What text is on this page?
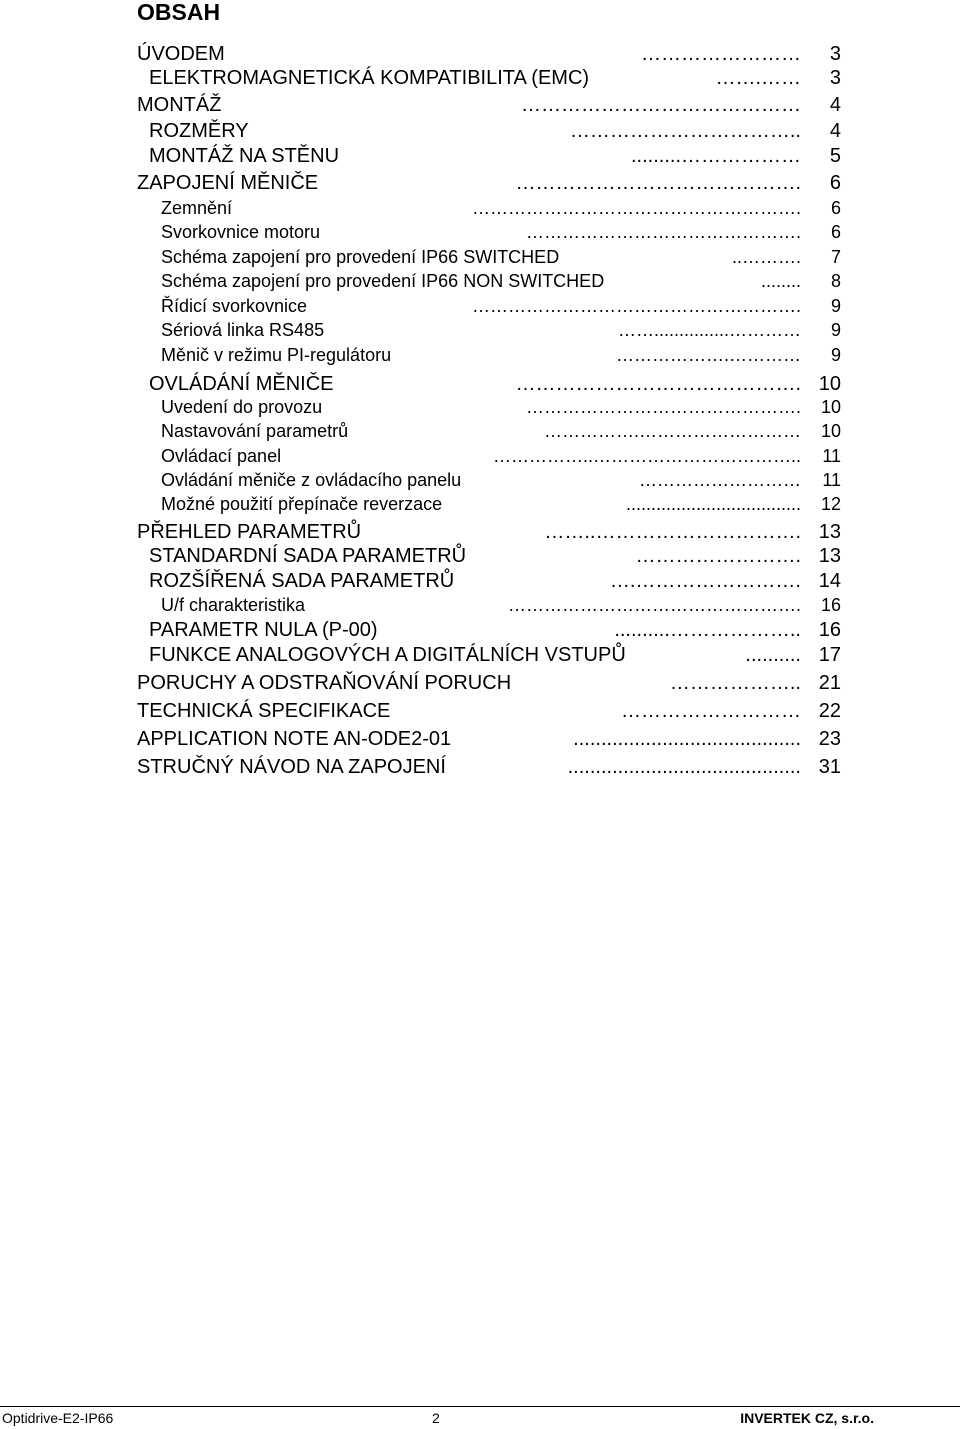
OBSAH
ÚVODEM	…………………… 3
ELEKTROMAGNETICKÁ KOMPATIBILITA (EMC)	…….…… 3
MONTÁŽ	…………………………………… 4
ROZMĚRY	…………………………….. 4
MONTÁŽ NA STĚNU	.........……………… 5
ZAPOJENÍ MĚNIČE	……………………………………. 6
Zemnění	………………………………………………. 6
Svorkovnice motoru	………………………………………. 6
Schéma zapojení pro provedení IP66 SWITCHED	..………. 7
Schéma zapojení pro provedení IP66 NON SWITCHED	........ 8
Řídicí svorkovnice	………………………………………………. 9
Sériová linka RS485	……...............………… 9
Měnič v režimu PI-regulátoru	……………….………… 9
OVLÁDÁNÍ MĚNIČE	……………………………………. 10
Uvedení do provozu	………………………………………. 10
Nastavování parametrů	…………….……………………… 10
Ovládací panel	……………..…………………………….. 11
Ovládání měniče z ovládacího panelu	……………………… 11
Možné použití přepínače reverzace	................................... 12
PŘEHLED PARAMETRŮ	……..…………………………. 13
STANDARDNÍ SADA PARAMETRŮ	……………………. 13
ROZŠÍŘENÁ SADA PARAMETRŮ	….……………………. 14
U/f charakteristika	…………………………………………. 16
PARAMETR NULA (P-00)	..........……………….. 16
FUNKCE ANALOGOVÝCH A DIGITÁLNÍCH VSTUPŮ	.......... 17
PORUCHY A ODSTRAŇOVÁNÍ PORUCH	……………….. 21
TECHNICKÁ SPECIFIKACE	……………………… 22
APPLICATION NOTE AN-ODE2-01	......................................... 23
STRUČNÝ NÁVOD NA ZAPOJENÍ	.......................................... 31
Optidrive-E2-IP66	2	INVERTEK CZ, s.r.o.
